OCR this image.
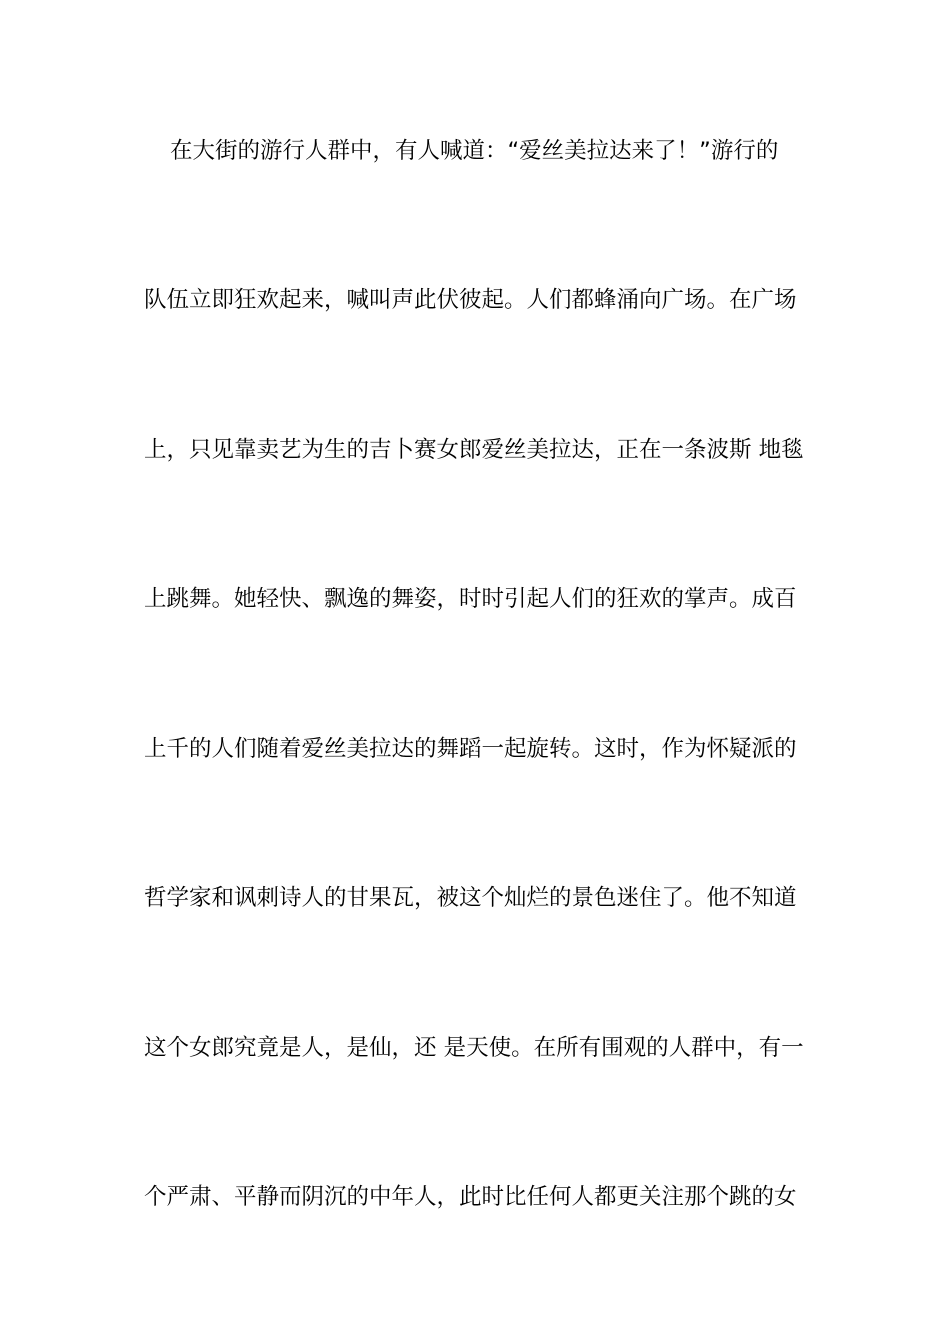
在大街的游行人群中，有人喊道：“爱丝美拉达来了！”游行的
队伍立即狂欢起来，喊叫声此伏彼起。人们都蜂涌向广场。在广场
上，只见靠卖艺为生的吉卜赛女郎爱丝美拉达，正在一条波斯 地毯
上跳舞。她轻快、飘逸的舞姿，时时引起人们的狂欢的掌声。成百
上千的人们随着爱丝美拉达的舞蹈一起旋转。这时，作为怀疑派的
哲学家和讽刺诗人的甘果瓦，被这个灿烂的景色迷住了。他不知道
这个女郎究竟是人，是仙，还 是天使。在所有围观的人群中，有一
个严肃、平静而阴沉的中年人，此时比任何人都更关注那个跳的女
